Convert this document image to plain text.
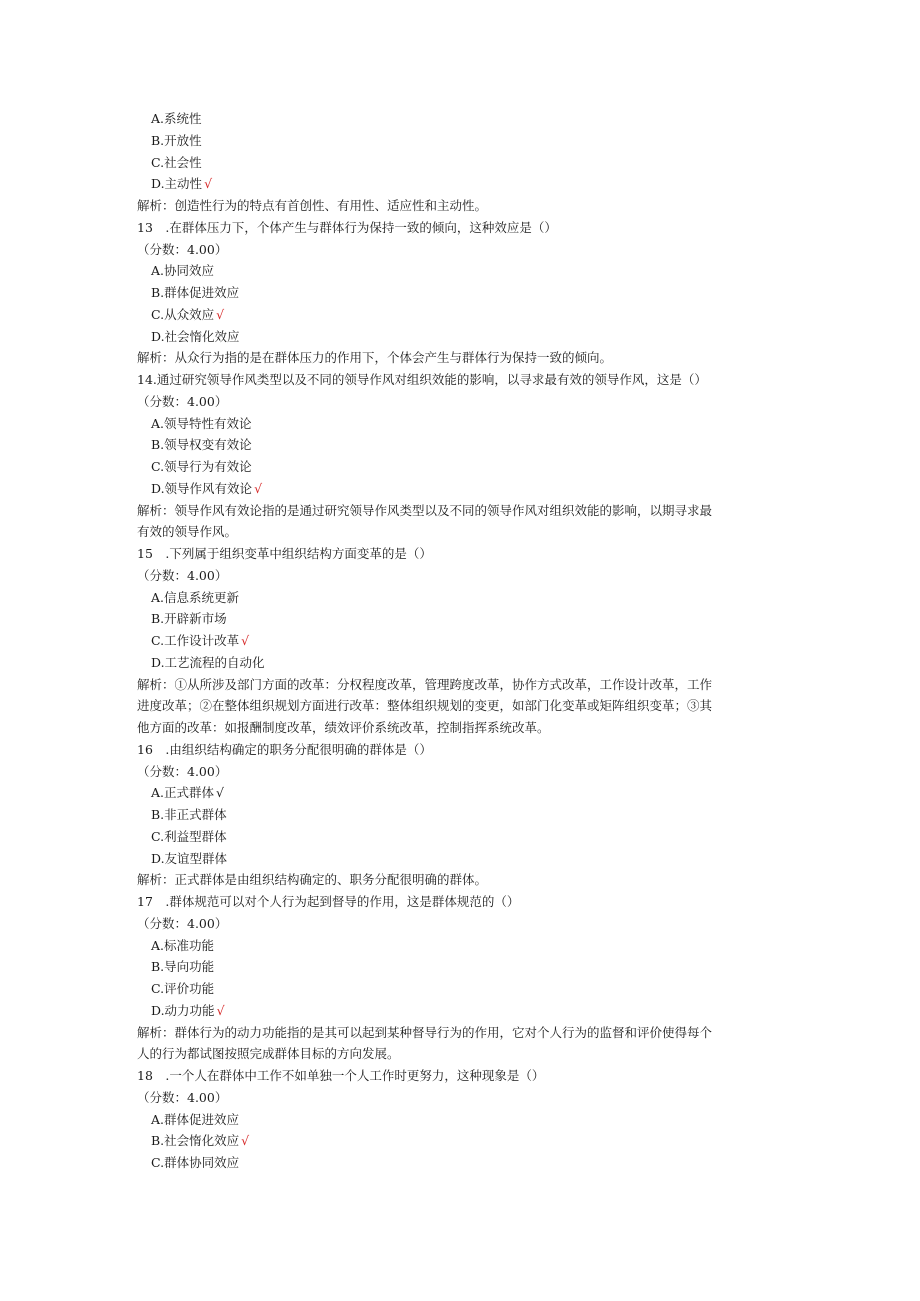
A.系统性
B.开放性
C.社会性
D.主动性 √
解析：创造性行为的特点有首创性、有用性、适应性和主动性。
13　.在群体压力下，个体产生与群体行为保持一致的倾向，这种效应是（）
（分数：4.00）
A.协同效应
B.群体促进效应
C.从众效应 √
D.社会惰化效应
解析：从众行为指的是在群体压力的作用下，个体会产生与群体行为保持一致的倾向。
14.通过研究领导作风类型以及不同的领导作风对组织效能的影响，以寻求最有效的领导作风，这是（）
（分数：4.00）
A.领导特性有效论
B.领导权变有效论
C.领导行为有效论
D.领导作风有效论 √
解析：领导作风有效论指的是通过研究领导作风类型以及不同的领导作风对组织效能的影响，以期寻求最
有效的领导作风。
15　.下列属于组织变革中组织结构方面变革的是（）
（分数：4.00）
A.信息系统更新
B.开辟新市场
C.工作设计改革 √
D.工艺流程的自动化
解析：①从所涉及部门方面的改革：分权程度改革，管理跨度改革，协作方式改革，工作设计改革，工作
进度改革；②在整体组织规划方面进行改革：整体组织规划的变更，如部门化变革或矩阵组织变革；③其
他方面的改革：如报酬制度改革，绩效评价系统改革，控制指挥系统改革。
16　.由组织结构确定的职务分配很明确的群体是（）
（分数：4.00）
A.正式群体 √
B.非正式群体
C.利益型群体
D.友谊型群体
解析：正式群体是由组织结构确定的、职务分配很明确的群体。
17　.群体规范可以对个人行为起到督导的作用，这是群体规范的（）
（分数：4.00）
A.标准功能
B.导向功能
C.评价功能
D.动力功能 √
解析：群体行为的动力功能指的是其可以起到某种督导行为的作用，它对个人行为的监督和评价使得每个
人的行为都试图按照完成群体目标的方向发展。
18　.一个人在群体中工作不如单独一个人工作时更努力，这种现象是（）
（分数：4.00）
A.群体促进效应
B.社会惰化效应 √
C.群体协同效应
